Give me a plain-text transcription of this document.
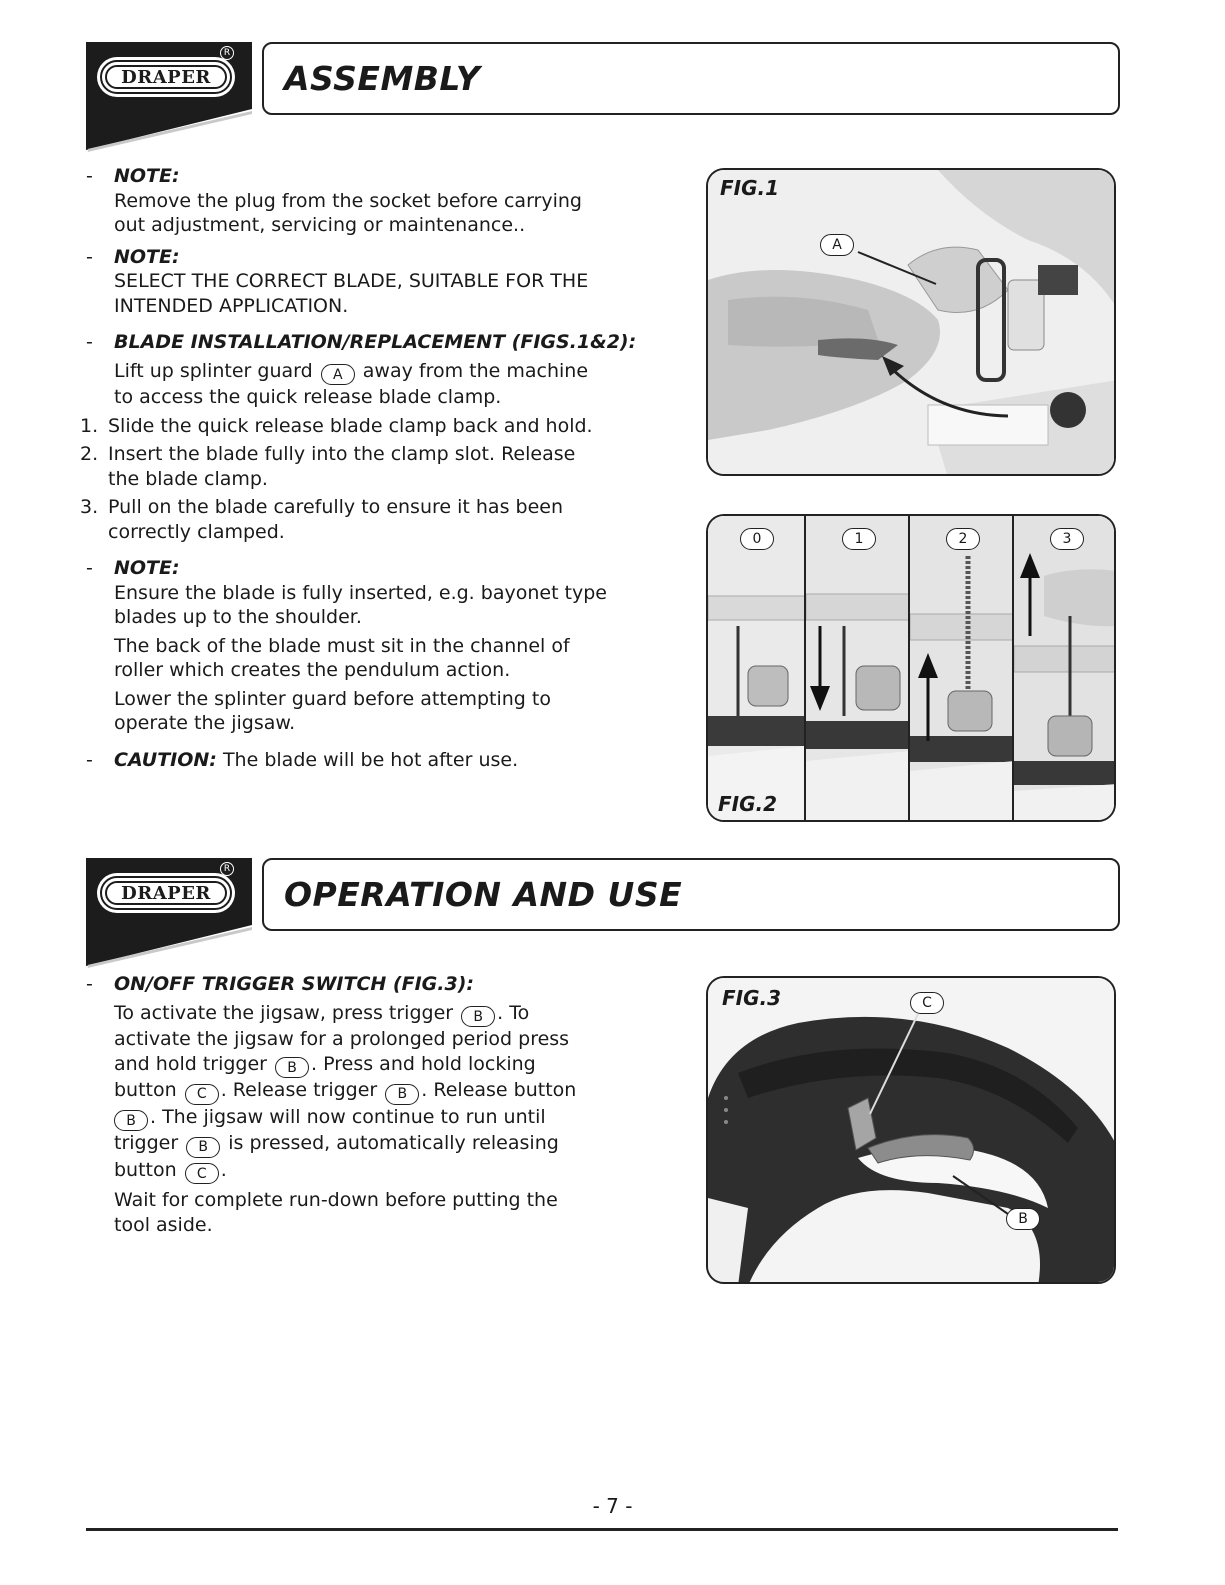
DRAPER
R
ASSEMBLY
-	NOTE:
Remove the plug from the socket before carrying
out adjustment, servicing or maintenance..
-	NOTE:
SELECT THE CORRECT BLADE, SUITABLE FOR THE
INTENDED APPLICATION.
-	BLADE INSTALLATION/REPLACEMENT (FIGS.1&2):
Lift up splinter guard A away from the machine
to access the quick release blade clamp.
1. Slide the quick release blade clamp back and hold.
2. Insert the blade fully into the clamp slot. Release
the blade clamp.
3. Pull on the blade carefully to ensure it has been
correctly clamped.
-	NOTE:
Ensure the blade is fully inserted, e.g. bayonet type
blades up to the shoulder.
The back of the blade must sit in the channel of
roller which creates the pendulum action.
Lower the splinter guard before attempting to
operate the jigsaw.
-	CAUTION: The blade will be hot after use.
FIG.1
A
0	1	2	3
FIG.2
DRAPER
R
OPERATION AND USE
-	ON/OFF TRIGGER SWITCH (FIG.3):
To activate the jigsaw, press trigger B . To
activate the jigsaw for a prolonged period press
and hold trigger B . Press and hold locking
button C . Release trigger B . Release button
B . The jigsaw will now continue to run until
trigger B is pressed, automatically releasing
button C .
Wait for complete run-down before putting the
tool aside.
FIG.3	C
B
- 7 -
